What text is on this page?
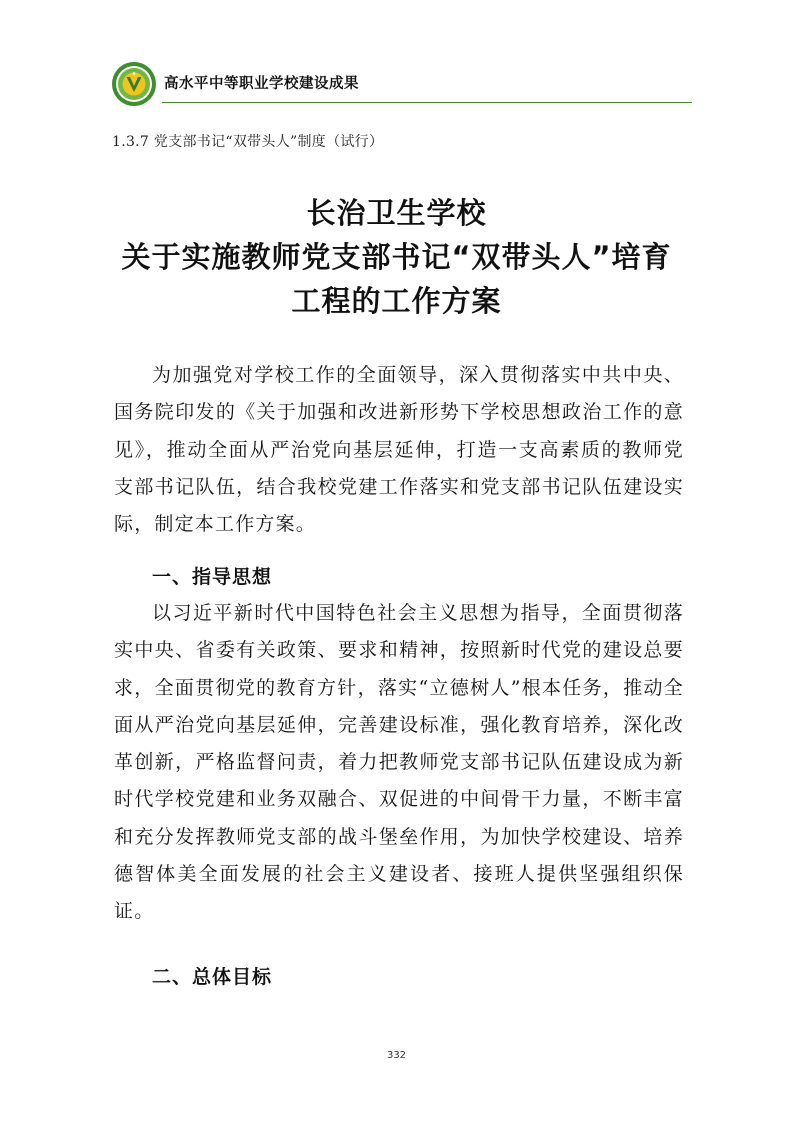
高水平中等职业学校建设成果
1.3.7 党支部书记“双带头人”制度（试行）
长治卫生学校
关于实施教师党支部书记“双带头人”培育
工程的工作方案

为加强党对学校工作的全面领导，深入贯彻落实中共中央、国务院印发的《关于加强和改进新形势下学校思想政治工作的意见》，推动全面从严治党向基层延伸，打造一支高素质的教师党支部书记队伍，结合我校党建工作落实和党支部书记队伍建设实际，制定本工作方案。

一、指导思想

以习近平新时代中国特色社会主义思想为指导，全面贯彻落实中央、省委有关政策、要求和精神，按照新时代党的建设总要求，全面贯彻党的教育方针，落实“立德树人”根本任务，推动全面从严治党向基层延伸，完善建设标准，强化教育培养，深化改革创新，严格监督问责，着力把教师党支部书记队伍建设成为新时代学校党建和业务双融合、双促进的中间骨干力量，不断丰富和充分发挥教师党支部的战斗堡垒作用，为加快学校建设、培养德智体美全面发展的社会主义建设者、接班人提供坚强组织保证。

二、总体目标
332
